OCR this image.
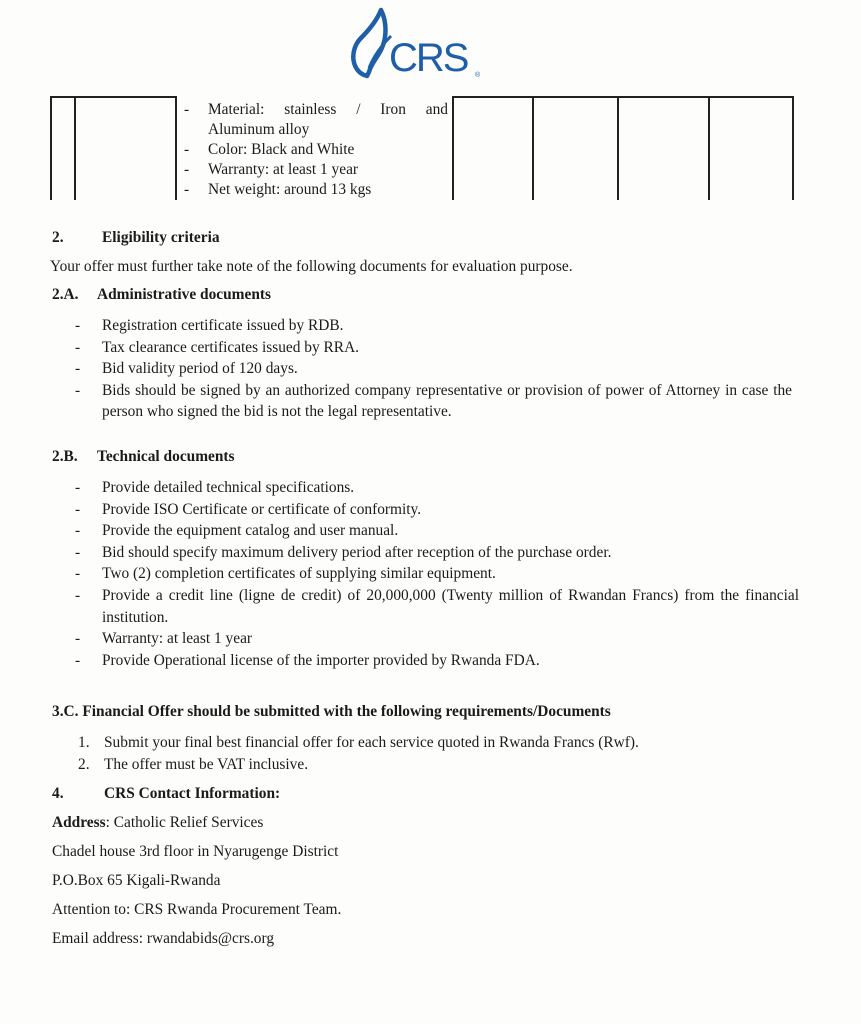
CRS ®
- Material: stainless / Iron and
Aluminum alloy
- Color: Black and White
- Warranty: at least 1 year
- Net weight: around 13 kgs
2. Eligibility criteria
Your offer must further take note of the following documents for evaluation purpose.
2.A. Administrative documents
- Registration certificate issued by RDB.
- Tax clearance certificates issued by RRA.
- Bid validity period of 120 days.
- Bids should be signed by an authorized company representative or provision of power of Attorney in case the person who signed the bid is not the legal representative.
2.B. Technical documents
- Provide detailed technical specifications.
- Provide ISO Certificate or certificate of conformity.
- Provide the equipment catalog and user manual.
- Bid should specify maximum delivery period after reception of the purchase order.
- Two (2) completion certificates of supplying similar equipment.
- Provide a credit line (ligne de credit) of 20,000,000 (Twenty million of Rwandan Francs) from the financial institution.
- Warranty: at least 1 year
- Provide Operational license of the importer provided by Rwanda FDA.
3.C. Financial Offer should be submitted with the following requirements/Documents
1. Submit your final best financial offer for each service quoted in Rwanda Francs (Rwf).
2. The offer must be VAT inclusive.
4.	CRS Contact Information:
Address: Catholic Relief Services
Chadel house 3rd floor in Nyarugenge District
P.O.Box 65 Kigali-Rwanda
Attention to: CRS Rwanda Procurement Team.
Email address: rwandabids@crs.org
